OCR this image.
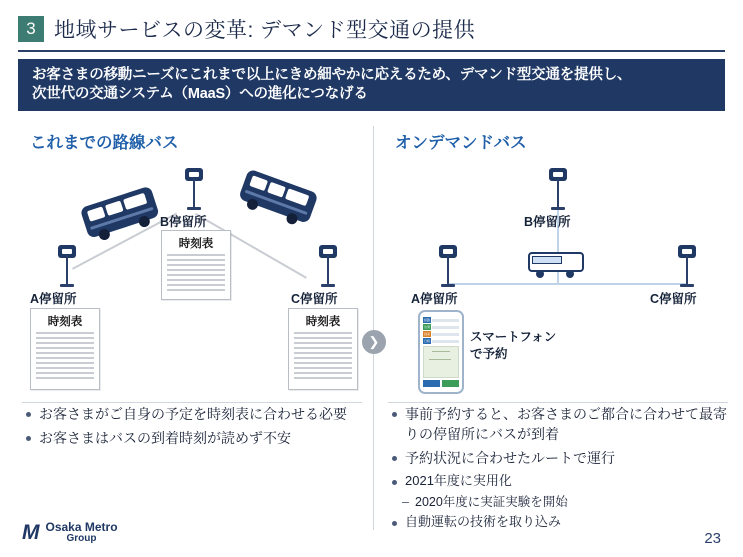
3 地域サービスの変革: デマンド型交通の提供
お客さまの移動ニーズにこれまで以上にきめ細やかに応えるため、デマンド型交通を提供し、
次世代の交通システム（MaaS）への進化につなげる
これまでの路線バス	オンデマンドバス
❯
B停留所
時刻表
A停留所
時刻表
C停留所
時刻表
B停留所
A停留所	C停留所
経路
出発
到着
日時	スマートフォン
で予約
お客さまがご自身の予定を時刻表に合わせる必要
お客さまはバスの到着時刻が読めず不安
事前予約すると、お客さまのご都合に合わせて最寄りの停留所にバスが到着
予約状況に合わせたルートで運行
2021年度に実用化
– 2020年度に実証実験を開始
自動運転の技術を取り込み
M Osaka Metro
Group	23
